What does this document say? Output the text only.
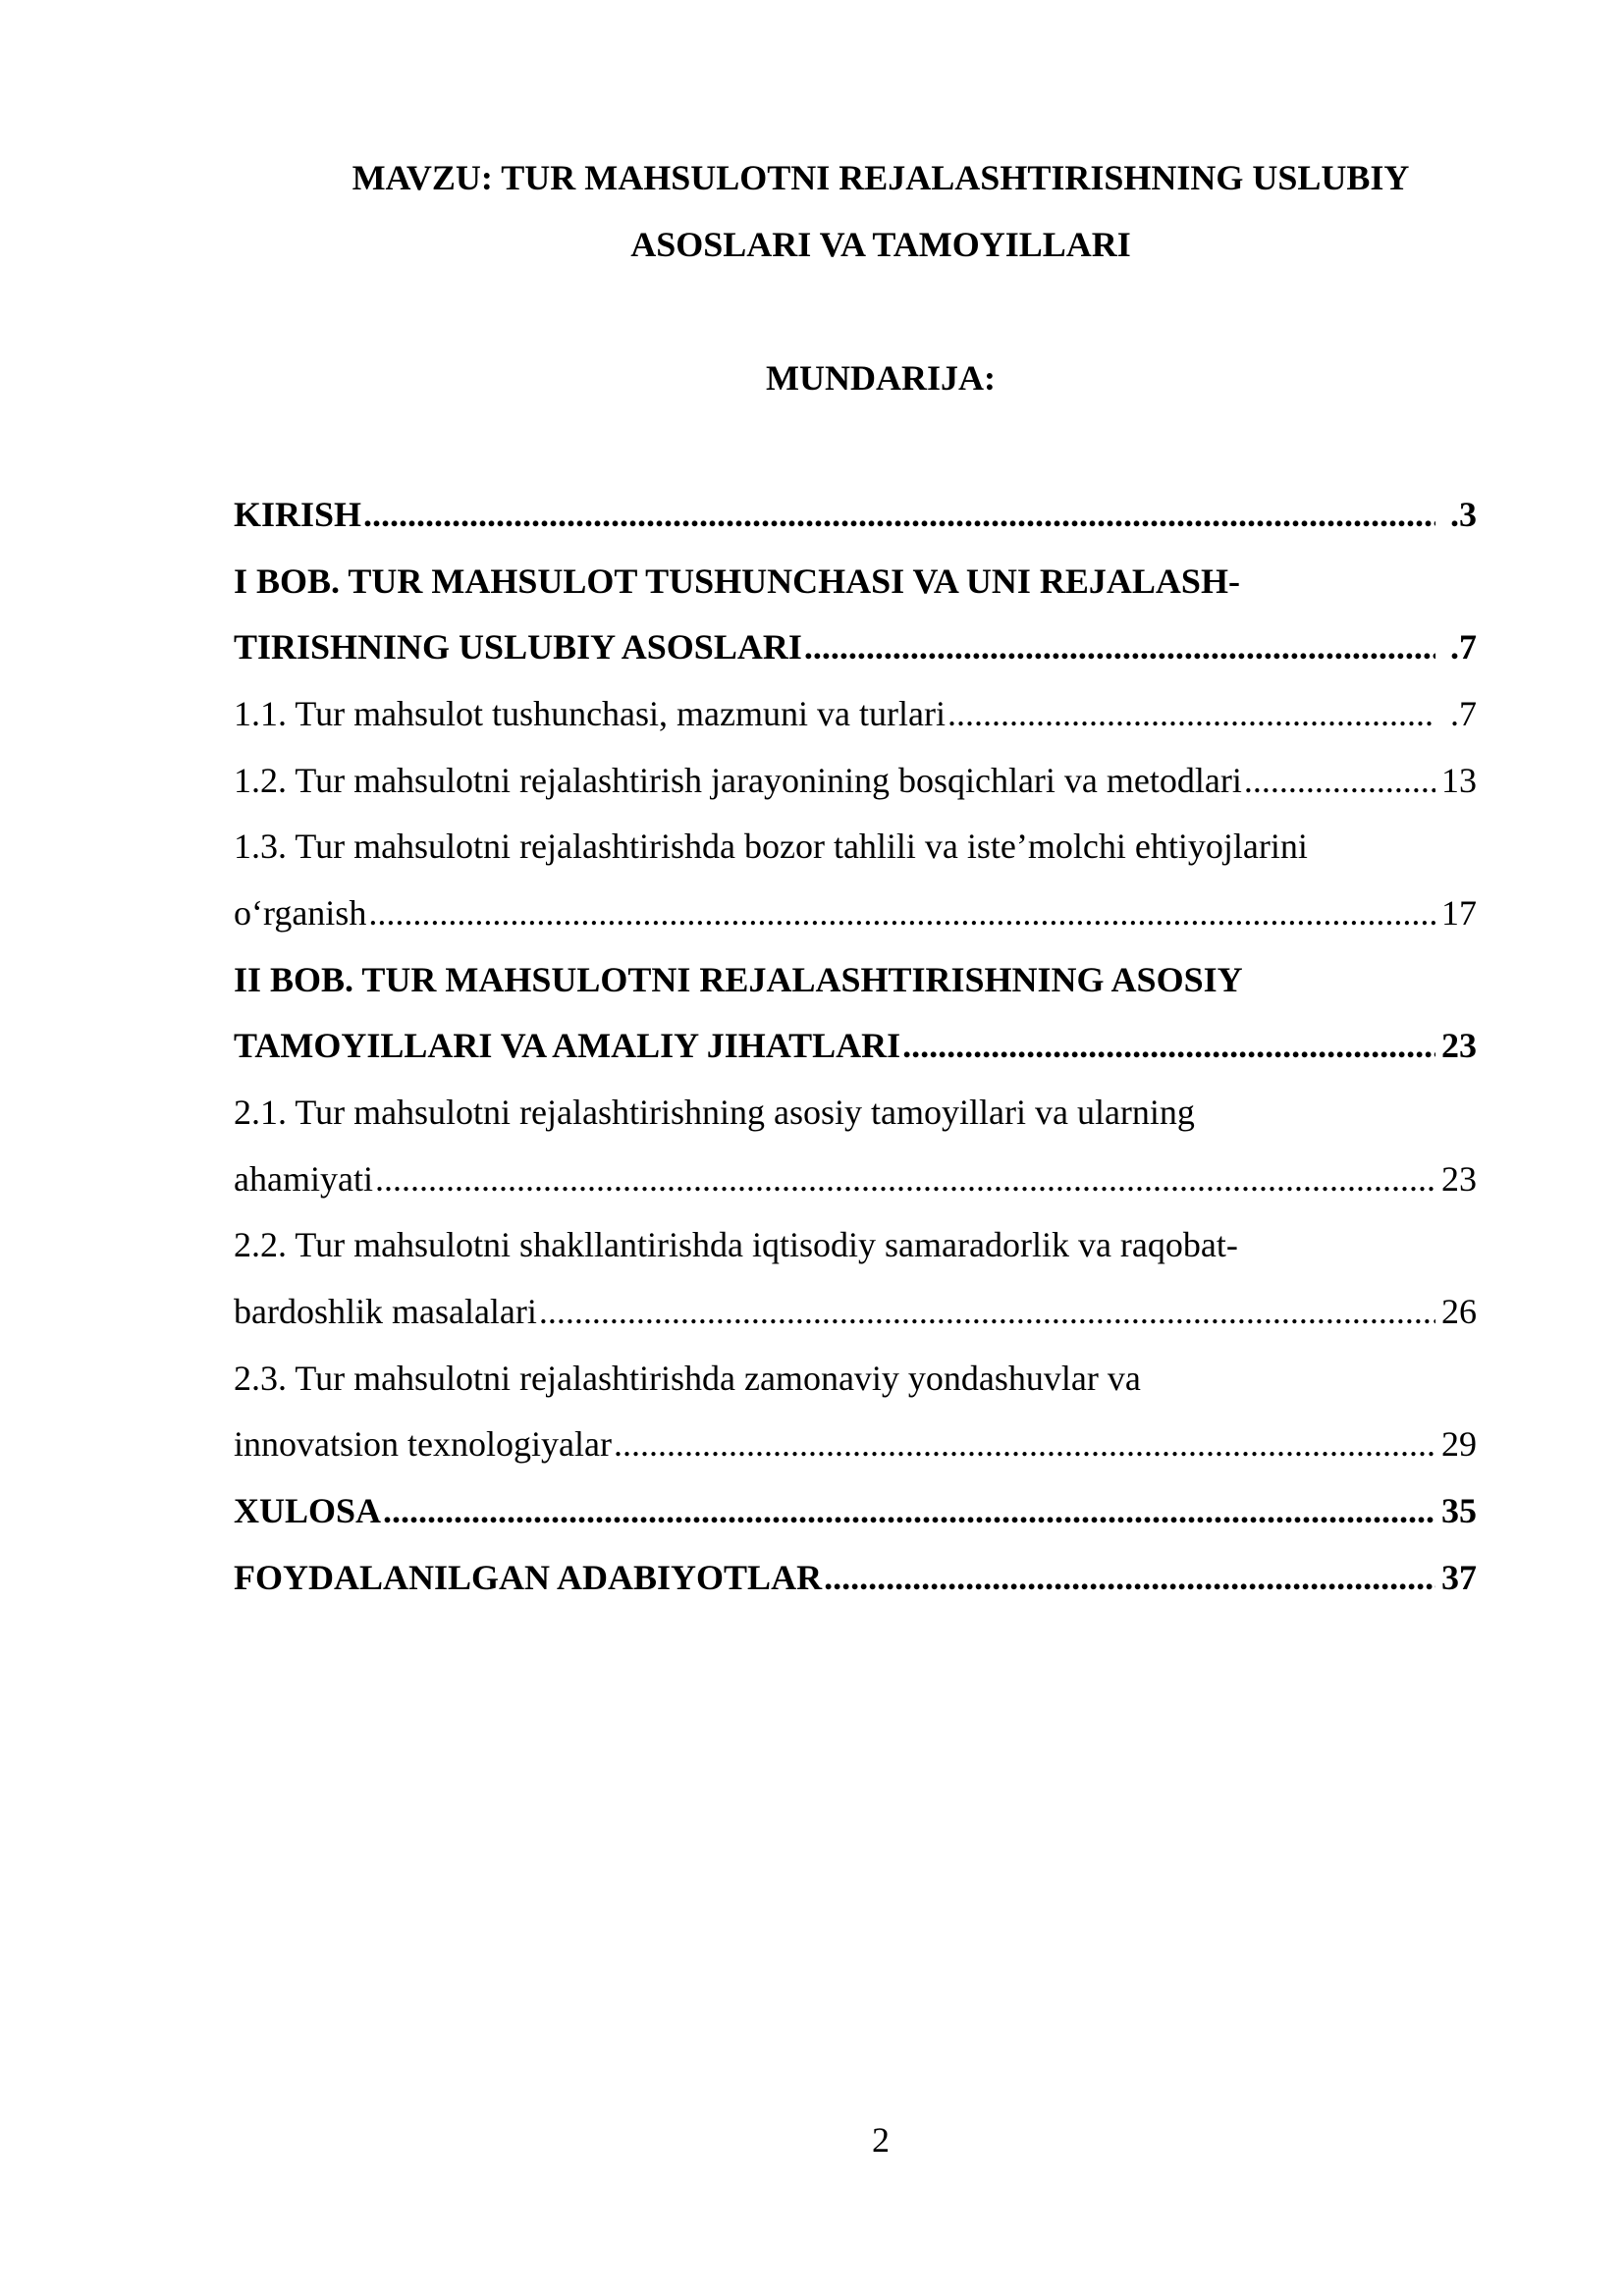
MAVZU: TUR MAHSULOTNI REJALASHTIRISHNING USLUBIY

ASOSLARI VA TAMOYILLARI

MUNDARIJA:

KIRISH .....	.3
I BOB. TUR MAHSULOT TUSHUNCHASI VA UNI REJALASH-
TIRISHNING USLUBIY ASOSLARI .....	.7
1.1. Tur mahsulot tushunchasi, mazmuni va turlari .....	.7
1.2. Tur mahsulotni rejalashtirish jarayonining bosqichlari va metodlari .....	13
1.3. Tur mahsulotni rejalashtirishda bozor tahlili va iste’molchi ehtiyojlarini
o‘rganish .....	17
II BOB. TUR MAHSULOTNI REJALASHTIRISHNING ASOSIY
TAMOYILLARI VA AMALIY JIHATLARI .....	23
2.1. Tur mahsulotni rejalashtirishning asosiy tamoyillari va ularning
ahamiyati .....	23
2.2. Tur mahsulotni shakllantirishda iqtisodiy samaradorlik va raqobat-
bardoshlik masalalari .....	26
2.3. Tur mahsulotni rejalashtirishda zamonaviy yondashuvlar va
innovatsion texnologiyalar .....	29
XULOSA .....	35
FOYDALANILGAN ADABIYOTLAR .....	37
2
